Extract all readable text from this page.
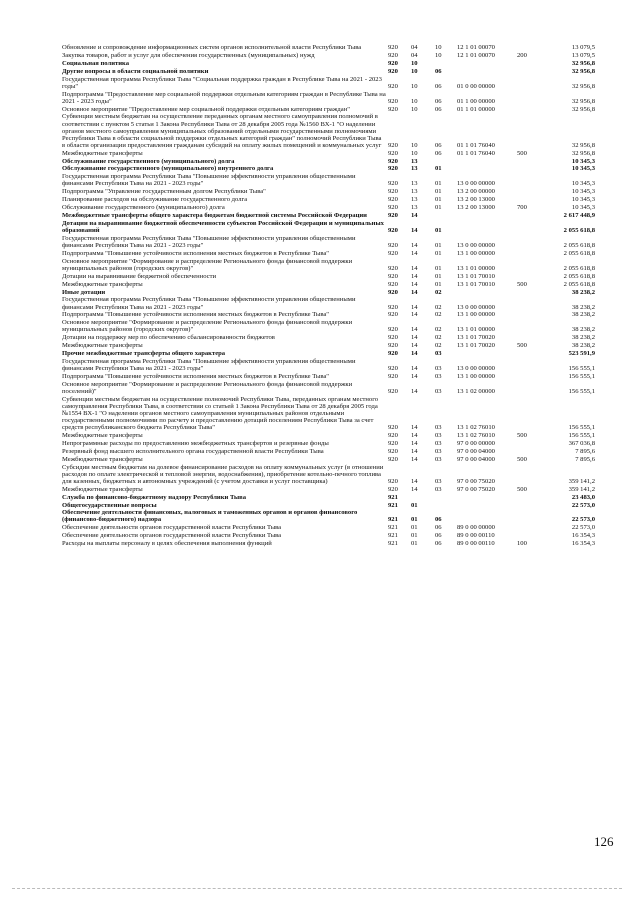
Обновление и сопровождение информационных систем органов исполнительной власти Республики Тыва	920	04	10	12 1 01 00070	13 079,5
Закупка товаров, работ и услуг для обеспечения государственных (муниципальных) нужд	920	04	10	12 1 01 00070	200	13 079,5
Социальная политика	920	10	32 956,8
Другие вопросы в области социальной политики	920	10	06	32 956,8
Государственная программа Республики Тыва "Социальная поддержка граждан в Республике Тыва на 2021 - 2023 годы"	920	10	06	01 0 00 00000	32 956,8
Подпрограмма "Предоставление мер социальной поддержки отдельным категориям граждан в Республике Тыва на 2021 - 2023 годы"	920	10	06	01 1 00 00000	32 956,8
Основное мероприятие "Предоставление мер социальной поддержки отдельным категориям граждан"	920	10	06	01 1 01 00000	32 956,8
Субвенции местным бюджетам на осуществление переданных органам местного самоуправления полномочий в соответствии с пунктом 5 статьи 1 Закона Республики Тыва от 28 декабря 2005 года №1560 ВХ-1 "О наделении органов местного самоуправления муниципальных образований отдельными государственными полномочиями Республики Тыва в области социальной поддержки отдельных категорий граждан" полномочий Республики Тыва в области организации предоставления гражданам субсидий на оплату жилых помещений и коммунальных услуг	920	10	06	01 1 01 76040	32 956,8
Межбюджетные трансферты	920	10	06	01 1 01 76040	500	32 956,8
Обслуживание государственного (муниципального) долга	920	13	10 345,3
Обслуживание государственного (муниципального) внутреннего долга	920	13	01	10 345,3
Государственная программа Республики Тыва "Повышение эффективности управления общественными финансами Республики Тыва на 2021 - 2023 годы"	920	13	01	13 0 00 00000	10 345,3
Подпрограмма "Управление государственным долгом Республики Тыва"	920	13	01	13 2 00 00000	10 345,3
Планирование расходов на обслуживание государственного долга	920	13	01	13 2 00 13000	10 345,3
Обслуживание государственного (муниципального) долга	920	13	01	13 2 00 13000	700	10 345,3
Межбюджетные трансферты общего характера бюджетам бюджетной системы Российской Федерации	920	14	2 617 448,9
Дотации на выравнивание бюджетной обеспеченности субъектов Российской Федерации и муниципальных образований	920	14	01	2 055 618,8
Государственная программа Республики Тыва "Повышение эффективности управления общественными финансами Республики Тыва на 2021 - 2023 годы"	920	14	01	13 0 00 00000	2 055 618,8
Подпрограмма "Повышение устойчивости исполнения местных бюджетов в Республике Тыва"	920	14	01	13 1 00 00000	2 055 618,8
Основное мероприятие "Формирование и распределение Регионального фонда финансовой поддержки муниципальных районов (городских округов)"	920	14	01	13 1 01 00000	2 055 618,8
Дотации на выравнивание бюджетной обеспеченности	920	14	01	13 1 01 70010	2 055 618,8
Межбюджетные трансферты	920	14	01	13 1 01 70010	500	2 055 618,8
Иные дотации	920	14	02	38 238,2
Государственная программа Республики Тыва "Повышение эффективности управления общественными финансами Республики Тыва на 2021 - 2023 годы"	920	14	02	13 0 00 00000	38 238,2
Подпрограмма "Повышение устойчивости исполнения местных бюджетов в Республике Тыва"	920	14	02	13 1 00 00000	38 238,2
Основное мероприятие "Формирование и распределение Регионального фонда финансовой поддержки муниципальных районов (городских округов)"	920	14	02	13 1 01 00000	38 238,2
Дотации на поддержку мер по обеспечению сбалансированности бюджетов	920	14	02	13 1 01 70020	38 238,2
Межбюджетные трансферты	920	14	02	13 1 01 70020	500	38 238,2
Прочие межбюджетные трансферты общего характера	920	14	03	523 591,9
Государственная программа Республики Тыва "Повышение эффективности управления общественными финансами Республики Тыва на 2021 - 2023 годы"	920	14	03	13 0 00 00000	156 555,1
Подпрограмма "Повышение устойчивости исполнения местных бюджетов в Республике Тыва"	920	14	03	13 1 00 00000	156 555,1
Основное мероприятие "Формирование и распределение Регионального фонда финансовой поддержки поселений)"	920	14	03	13 1 02 00000	156 555,1
Субвенции местным бюджетам на осуществление полномочий Республики Тыва, переданных органам местного самоуправления Республики Тыва, в соответствии со статьей 1 Закона Республики Тыва от 28 декабря 2005 года №1554 ВХ-1 "О наделении органов местного самоуправления муниципальных районов отдельными государственными полномочиями по расчету и предоставлению дотаций поселениям Республики Тыва за счет средств республиканского бюджета Республики Тыва"	920	14	03	13 1 02 76010	156 555,1
Межбюджетные трансферты	920	14	03	13 1 02 76010	500	156 555,1
Непрограммные расходы по предоставлению межбюджетных трансфертов и резервные фонды	920	14	03	97 0 00 00000	367 036,8
Резервный фонд высшего исполнительного органа государственной власти Республики Тыва	920	14	03	97 0 00 04000	7 895,6
Межбюджетные трансферты	920	14	03	97 0 00 04000	500	7 895,6
Субсидии местным бюджетам на долевое финансирование расходов на оплату коммунальных услуг (в отношении расходов по оплате электрической и тепловой энергии, водоснабжения), приобретение котельно-печного топлива для казенных, бюджетных и автономных учреждений (с учетом доставки и услуг поставщика)	920	14	03	97 0 00 75020	359 141,2
Межбюджетные трансферты	920	14	03	97 0 00 75020	500	359 141,2
Служба по финансово-бюджетному надзору Республики Тыва	921	23 483,0
Общегосударственные вопросы	921	01	22 573,0
Обеспечение деятельности финансовых, налоговых и таможенных органов и органов финансового (финансово-бюджетного) надзора	921	01	06	22 573,0
Обеспечение деятельности органов государственной власти Республики Тыва	921	01	06	89 0 00 00000	22 573,0
Обеспечение деятельности органов государственной власти Республики Тыва	921	01	06	89 0 00 00110	16 354,3
Расходы на выплаты персоналу в целях обеспечения выполнения функций	921	01	06	89 0 00 00110	100	16 354,3
126
